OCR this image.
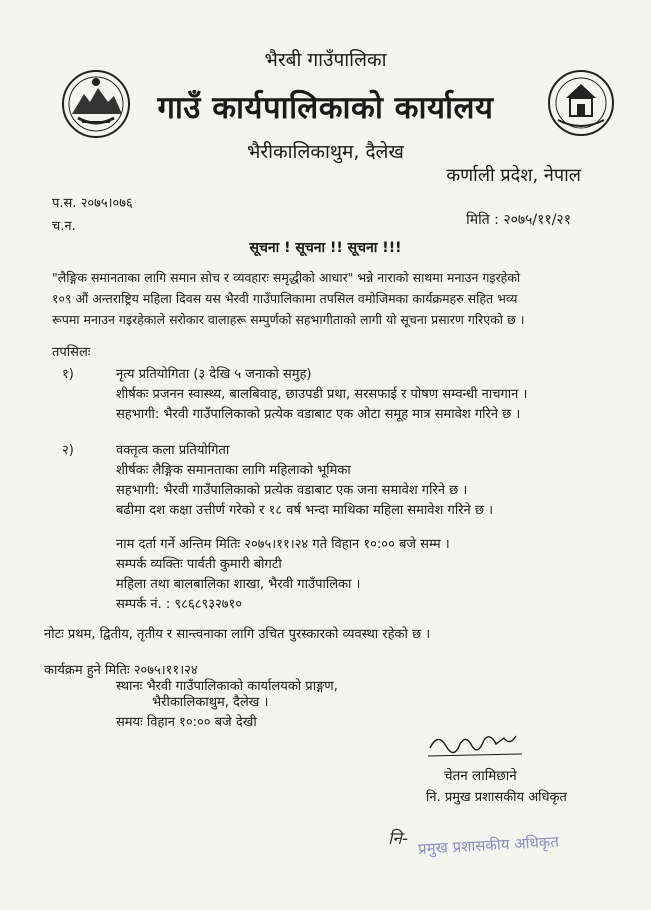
भैरबी गाउँपालिका
गाउँ कार्यपालिकाको कार्यालय
भैरीकालिकाथुम, दैलेख
कर्णाली प्रदेश, नेपाल
प.स. २०७५।०७६
च.न.	मिति : २०७५/११/२१
सूचना ! सूचना !! सूचना !!!
"लैङ्गिक समानताका लागि समान सोच र व्यवहारः समृद्धीको आधार" भन्ने नाराको साथमा मनाउन गइरहेको
१०९ औं अन्तराष्ट्रिय महिला दिवस यस भैरवी गाउँपालिकामा तपसिल वमोजिमका कार्यक्रमहरु सहित भव्य
रूपमा मनाउन गइरहेकाले सरोकार वालाहरू सम्पुर्णको सहभागीताको लागी यो सूचना प्रसारण गरिएको छ ।
तपसिलः
१)	नृत्य प्रतियोगिता (३ देखि ५ जनाको समुह)
शीर्षकः प्रजनन स्वास्थ्य, बालबिवाह, छाउपडी प्रथा, सरसफाई र पोषण सम्वन्धी नाचगान ।
सहभागी: भैरवी गाउँपालिकाको प्रत्येक वडाबाट एक ओटा समूह मात्र समावेश गरिने छ ।
२)	वक्तृत्व कला प्रतियोगिता
शीर्षकः लैङ्गिक समानताका लागि महिलाको भूमिका
सहभागी: भैरवी गाउँपालिकाको प्रत्येक वडाबाट एक जना समावेश गरिने छ ।
बढीमा दश कक्षा उत्तीर्ण गरेको र १८ वर्ष भन्दा माथिका महिला समावेश गरिने छ ।
नाम दर्ता गर्ने अन्तिम मितिः २०७५।११।२४ गते विहान १०:०० बजे सम्म ।
सम्पर्क व्यक्तिः पार्वती कुमारी बोगटी
महिला तथा बालबालिका शाखा, भैरवी गाउँपालिका ।
सम्पर्क नं. : ९८६८९३२७१०
नोटः प्रथम, द्वितीय, तृतीय र सान्त्वनाका लागि उचित पुरस्कारको व्यवस्था रहेको छ ।
कार्यक्रम हुने मितिः २०७५।११।२४
स्थानः भैरवी गाउँपालिकाको कार्यालयको प्राङ्गण,
भैरीकालिकाथुम, दैलेख ।
समयः विहान १०:०० बजे देखी
चेतन लामिछाने
नि. प्रमुख प्रशासकीय अधिकृत
नि- प्रमुख प्रशासकीय अधिकृत
